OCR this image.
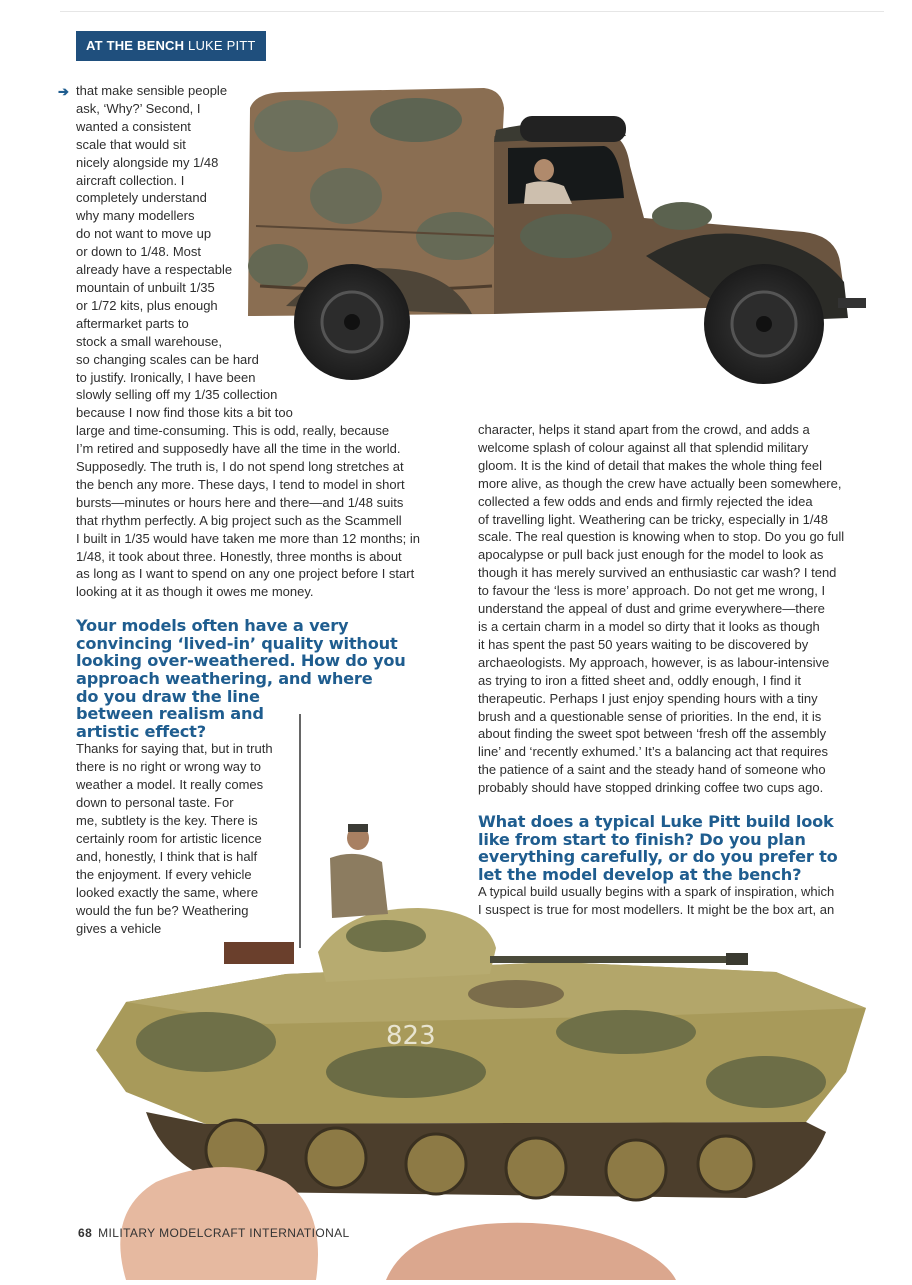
AT THE BENCH LUKE PITT
➔
823
that make sensible people
ask, ‘Why?’ Second, I
wanted a consistent
scale that would sit
nicely alongside my 1/48
aircraft collection. I
completely understand
why many modellers
do not want to move up
or down to 1/48. Most
already have a respectable
mountain of unbuilt 1/35
or 1/72 kits, plus enough
aftermarket parts to
stock a small warehouse,
so changing scales can be hard
to justify. Ironically, I have been
slowly selling off my 1/35 collection
because I now find those kits a bit too
large and time-consuming. This is odd, really, because
I’m retired and supposedly have all the time in the world.
Supposedly. The truth is, I do not spend long stretches at
the bench any more. These days, I tend to model in short
bursts—minutes or hours here and there—and 1/48 suits
that rhythm perfectly. A big project such as the Scammell
I built in 1/35 would have taken me more than 12 months; in
1/48, it took about three. Honestly, three months is about
as long as I want to spend on any one project before I start
looking at it as though it owes me money.
Your models often have a very
convincing ‘lived-in’ quality without
looking over-weathered. How do you
approach weathering, and where
do you draw the line
between realism and
artistic effect?
Thanks for saying that, but in truth
there is no right or wrong way to
weather a model. It really comes
down to personal taste. For
me, subtlety is the key. There is
certainly room for artistic licence
and, honestly, I think that is half
the enjoyment. If every vehicle
looked exactly the same, where
would the fun be? Weathering
gives a vehicle
character, helps it stand apart from the crowd, and adds a
welcome splash of colour against all that splendid military
gloom. It is the kind of detail that makes the whole thing feel
more alive, as though the crew have actually been somewhere,
collected a few odds and ends and firmly rejected the idea
of travelling light. Weathering can be tricky, especially in 1/48
scale. The real question is knowing when to stop. Do you go full
apocalypse or pull back just enough for the model to look as
though it has merely survived an enthusiastic car wash? I tend
to favour the ‘less is more’ approach. Do not get me wrong, I
understand the appeal of dust and grime everywhere—there
is a certain charm in a model so dirty that it looks as though
it has spent the past 50 years waiting to be discovered by
archaeologists. My approach, however, is as labour-intensive
as trying to iron a fitted sheet and, oddly enough, I find it
therapeutic. Perhaps I just enjoy spending hours with a tiny
brush and a questionable sense of priorities. In the end, it is
about finding the sweet spot between ‘fresh off the assembly
line’ and ‘recently exhumed.’ It’s a balancing act that requires
the patience of a saint and the steady hand of someone who
probably should have stopped drinking coffee two cups ago.
What does a typical Luke Pitt build look
like from start to finish? Do you plan
everything carefully, or do you prefer to
let the model develop at the bench?
A typical build usually begins with a spark of inspiration, which
I suspect is true for most modellers. It might be the box art, an
68 MILITARY MODELCRAFT INTERNATIONAL
